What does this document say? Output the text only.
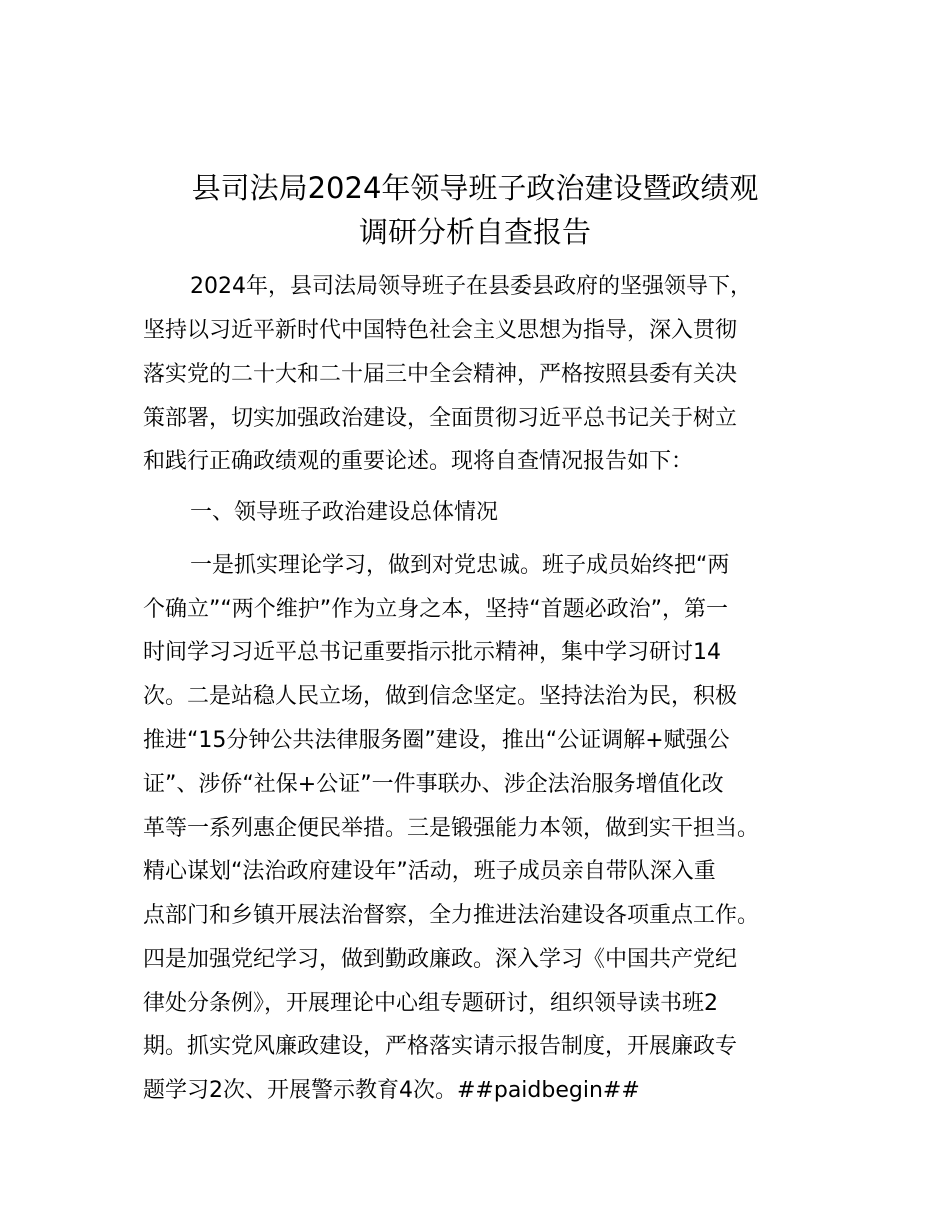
县司法局2024年领导班子政治建设暨政绩观
调研分析自查报告

2024年，县司法局领导班子在县委县政府的坚强领导下，

坚持以习近平新时代中国特色社会主义思想为指导，深入贯彻

落实党的二十大和二十届三中全会精神，严格按照县委有关决

策部署，切实加强政治建设，全面贯彻习近平总书记关于树立

和践行正确政绩观的重要论述。现将自查情况报告如下：

一、领导班子政治建设总体情况

一是抓实理论学习，做到对党忠诚。班子成员始终把“两

个确立”“两个维护”作为立身之本，坚持“首题必政治”，第一

时间学习习近平总书记重要指示批示精神，集中学习研讨14

次。二是站稳人民立场，做到信念坚定。坚持法治为民，积极

推进“15分钟公共法律服务圈”建设，推出“公证调解+赋强公

证”、涉侨“社保+公证”一件事联办、涉企法治服务增值化改

革等一系列惠企便民举措。三是锻强能力本领，做到实干担当。

精心谋划“法治政府建设年”活动，班子成员亲自带队深入重

点部门和乡镇开展法治督察，全力推进法治建设各项重点工作。

四是加强党纪学习，做到勤政廉政。深入学习《中国共产党纪

律处分条例》，开展理论中心组专题研讨，组织领导读书班2

期。抓实党风廉政建设，严格落实请示报告制度，开展廉政专

题学习2次、开展警示教育4次。##paidbegin##
